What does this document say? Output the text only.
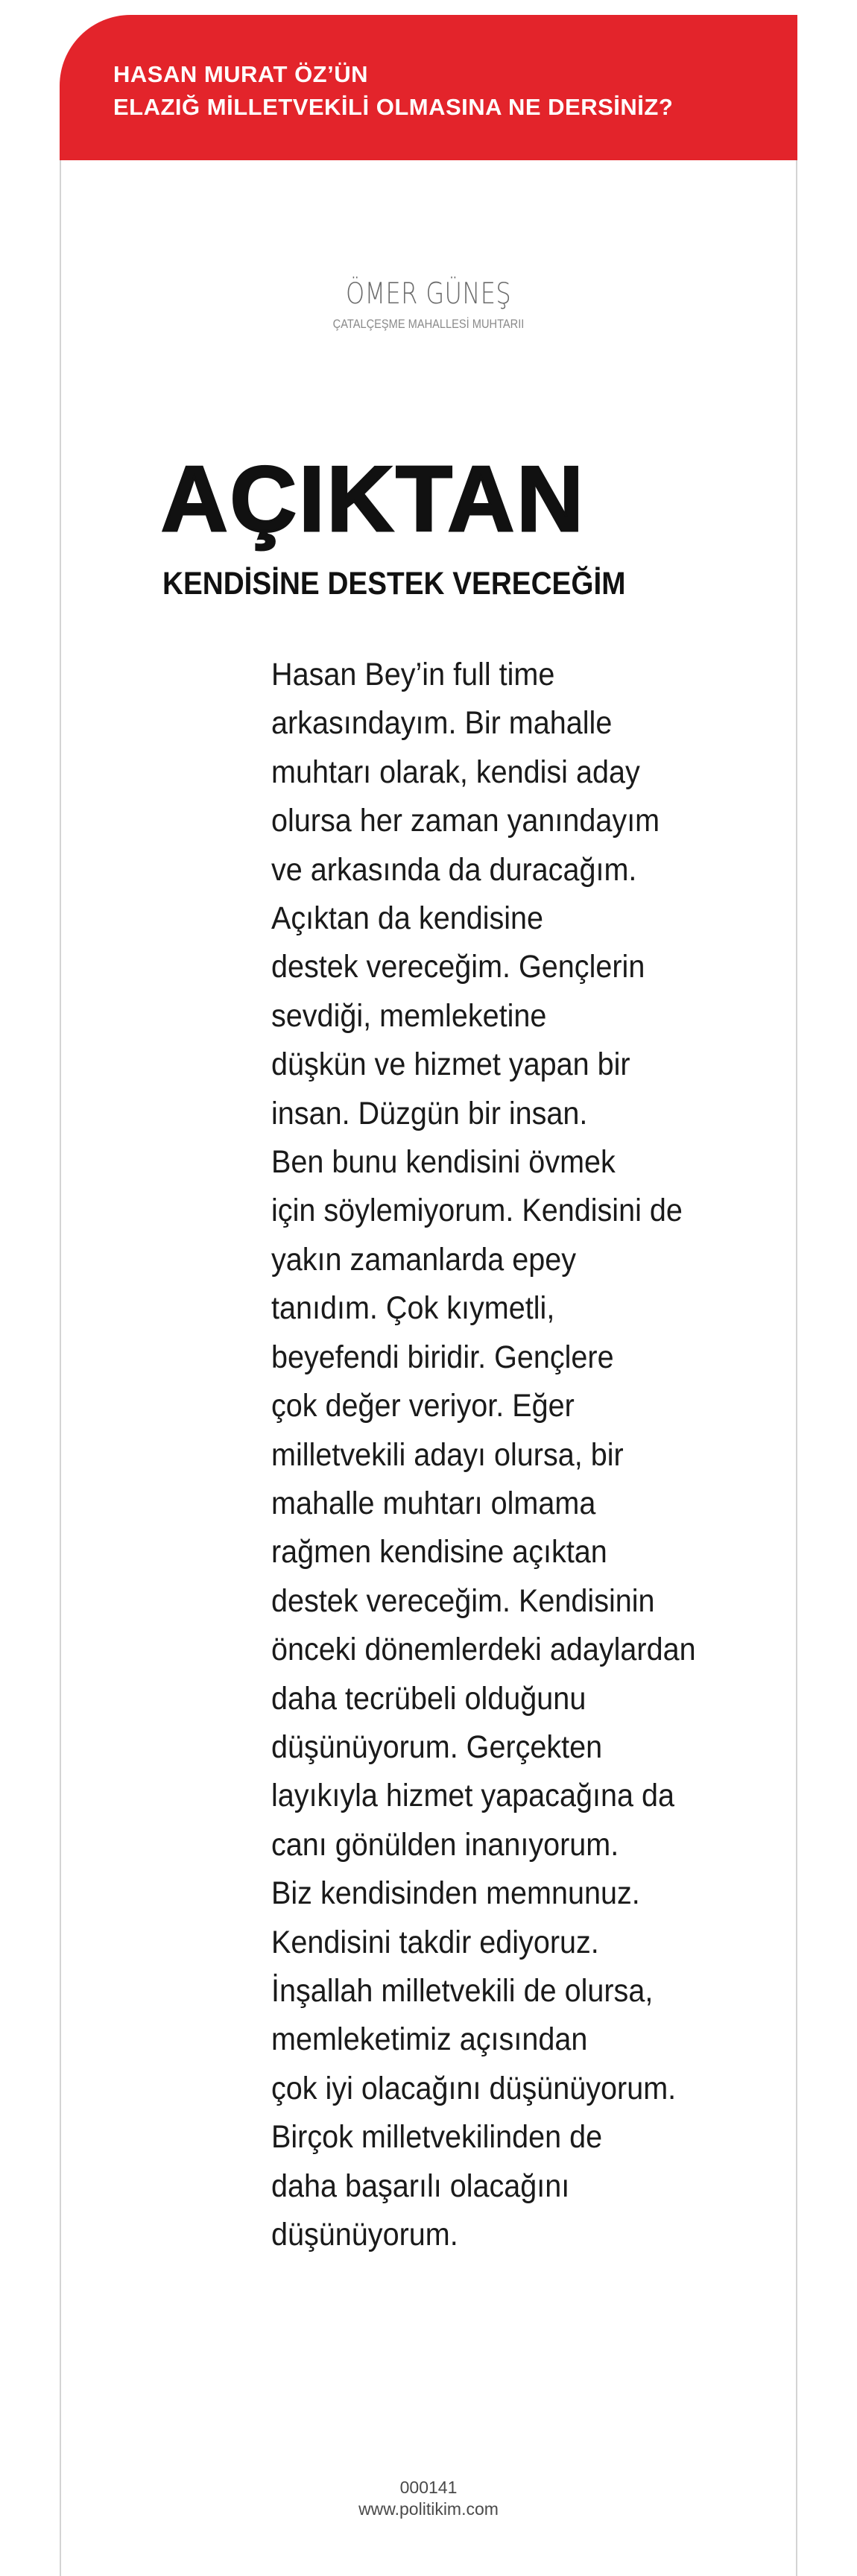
HASAN MURAT ÖZ’ÜN
ELAZIĞ MİLLETVEKİLİ OLMASINA NE DERSİNİZ?
ÖMER GÜNEŞ
ÇATALÇEŞME MAHALLESİ MUHTARII
AÇIKTAN
KENDİSİNE DESTEK VERECEĞİM
Hasan Bey’in full time
arkasındayım. Bir mahalle
muhtarı olarak, kendisi aday
olursa her zaman yanındayım
ve arkasında da duracağım.
Açıktan da kendisine
destek vereceğim. Gençlerin
sevdiği, memleketine
düşkün ve hizmet yapan bir
insan. Düzgün bir insan.
Ben bunu kendisini övmek
için söylemiyorum. Kendisini de
yakın zamanlarda epey
tanıdım. Çok kıymetli,
beyefendi biridir. Gençlere
çok değer veriyor. Eğer
milletvekili adayı olursa, bir
mahalle muhtarı olmama
rağmen kendisine açıktan
destek vereceğim. Kendisinin
önceki dönemlerdeki adaylardan
daha tecrübeli olduğunu
düşünüyorum. Gerçekten
layıkıyla hizmet yapacağına da
canı gönülden inanıyorum.
Biz kendisinden memnunuz.
Kendisini takdir ediyoruz.
İnşallah milletvekili de olursa,
memleketimiz açısından
çok iyi olacağını düşünüyorum.
Birçok milletvekilinden de
daha başarılı olacağını
düşünüyorum.
000141
www.politikim.com
